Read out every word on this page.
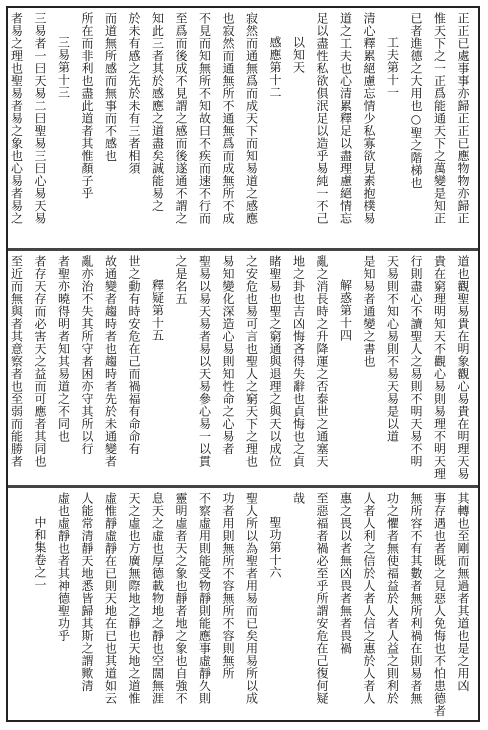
正正已處事事亦歸正正已應物物亦歸正
惟天下之一正爲能通天下之萬變是知正
已者進德之大用也○聖之階梯也
工夫第十一
清心釋累絕慮忘情少私寡欲見素抱樸易
道之工夫也心清累釋足以盡理慮絕情忘
足以盡性私欲俱泯足以造乎易純一不己
以知天
感應第十二
寂然而通無爲而成天下而知易道之感應
也寂然而通無所不通無爲而成無所不成
不見而知無所不知故曰不疾而速不行而
至爲而後成不見謂之感而後遂通不謂之
知此三者其於感應之道盡矣誠能易之
於未有感之先於未有三者相須
而道無所感而無事而不感也
所在而非利也盡此道者其惟顏子乎
三易第十三
三易者一曰天易二曰聖易三曰心易天易
者易之理也聖易者易之象也心易者易之
道也觀聖易貴在明象觀心易貴在明理天易
貴在窮理明知天不觀心易則易理不明天理
行則盡心不讀聖人之易則不明天易不明
天易則不知心易則不易天易是以道
是知易者通變之書也
解惑第十四
亂之消長時之升降運之否泰世之通塞天
地之卦也吉凶悔吝得失辭也貞悔也之貞
睹聖易也聖之窮通與退理之與天以成位
之安危也易可言也聖人之窮天下之理也
易知變化深造心易則知性命之心易者
聖易以易天易者易以天易參心易一以貫
之是名五
釋疑第十五
世之動有時安危在己而禍福有命命有
故通變者趨時者也趨時者先於未通變者
亂亦治不失其所守者困亦守其所以行
者聖亦曉得明者知其易道之不同也
者存天存而必害天之益而可應者其同也
至近而無與者其意察者也至弱而能勝者
其轉也至剛而無過者其道也是之用凶
事存遇也者既之見惡人免悔也不怕患德者
無所容不有其數者無所利禍在則易者無
功之懼者無使福益於人者人益之則利於
人者人利之信於人者人信之惠於人者人
惠之畏以者無凶畏者無者畏禍
至惡福者禍必至乎所謂安危在己復何疑
哉
聖功第十六
聖人所以為聖者用易而已矣用易所以成
功者用則無所不容無所不容則無所
不察虛用則能受物靜則能應事虛靜久則
靈明虛者天之象也靜者地之象也自強不
息天之虛也厚德載物地之靜也空闊無涯
天之虛也方廣無際地之靜也天地之道惟
虛惟靜虛靜在已則天地在已也其道如云
人能常清靜天地悉皆歸其斯之謂歟清
虛也虛靜也者其神德聖功乎
中和集卷之一
